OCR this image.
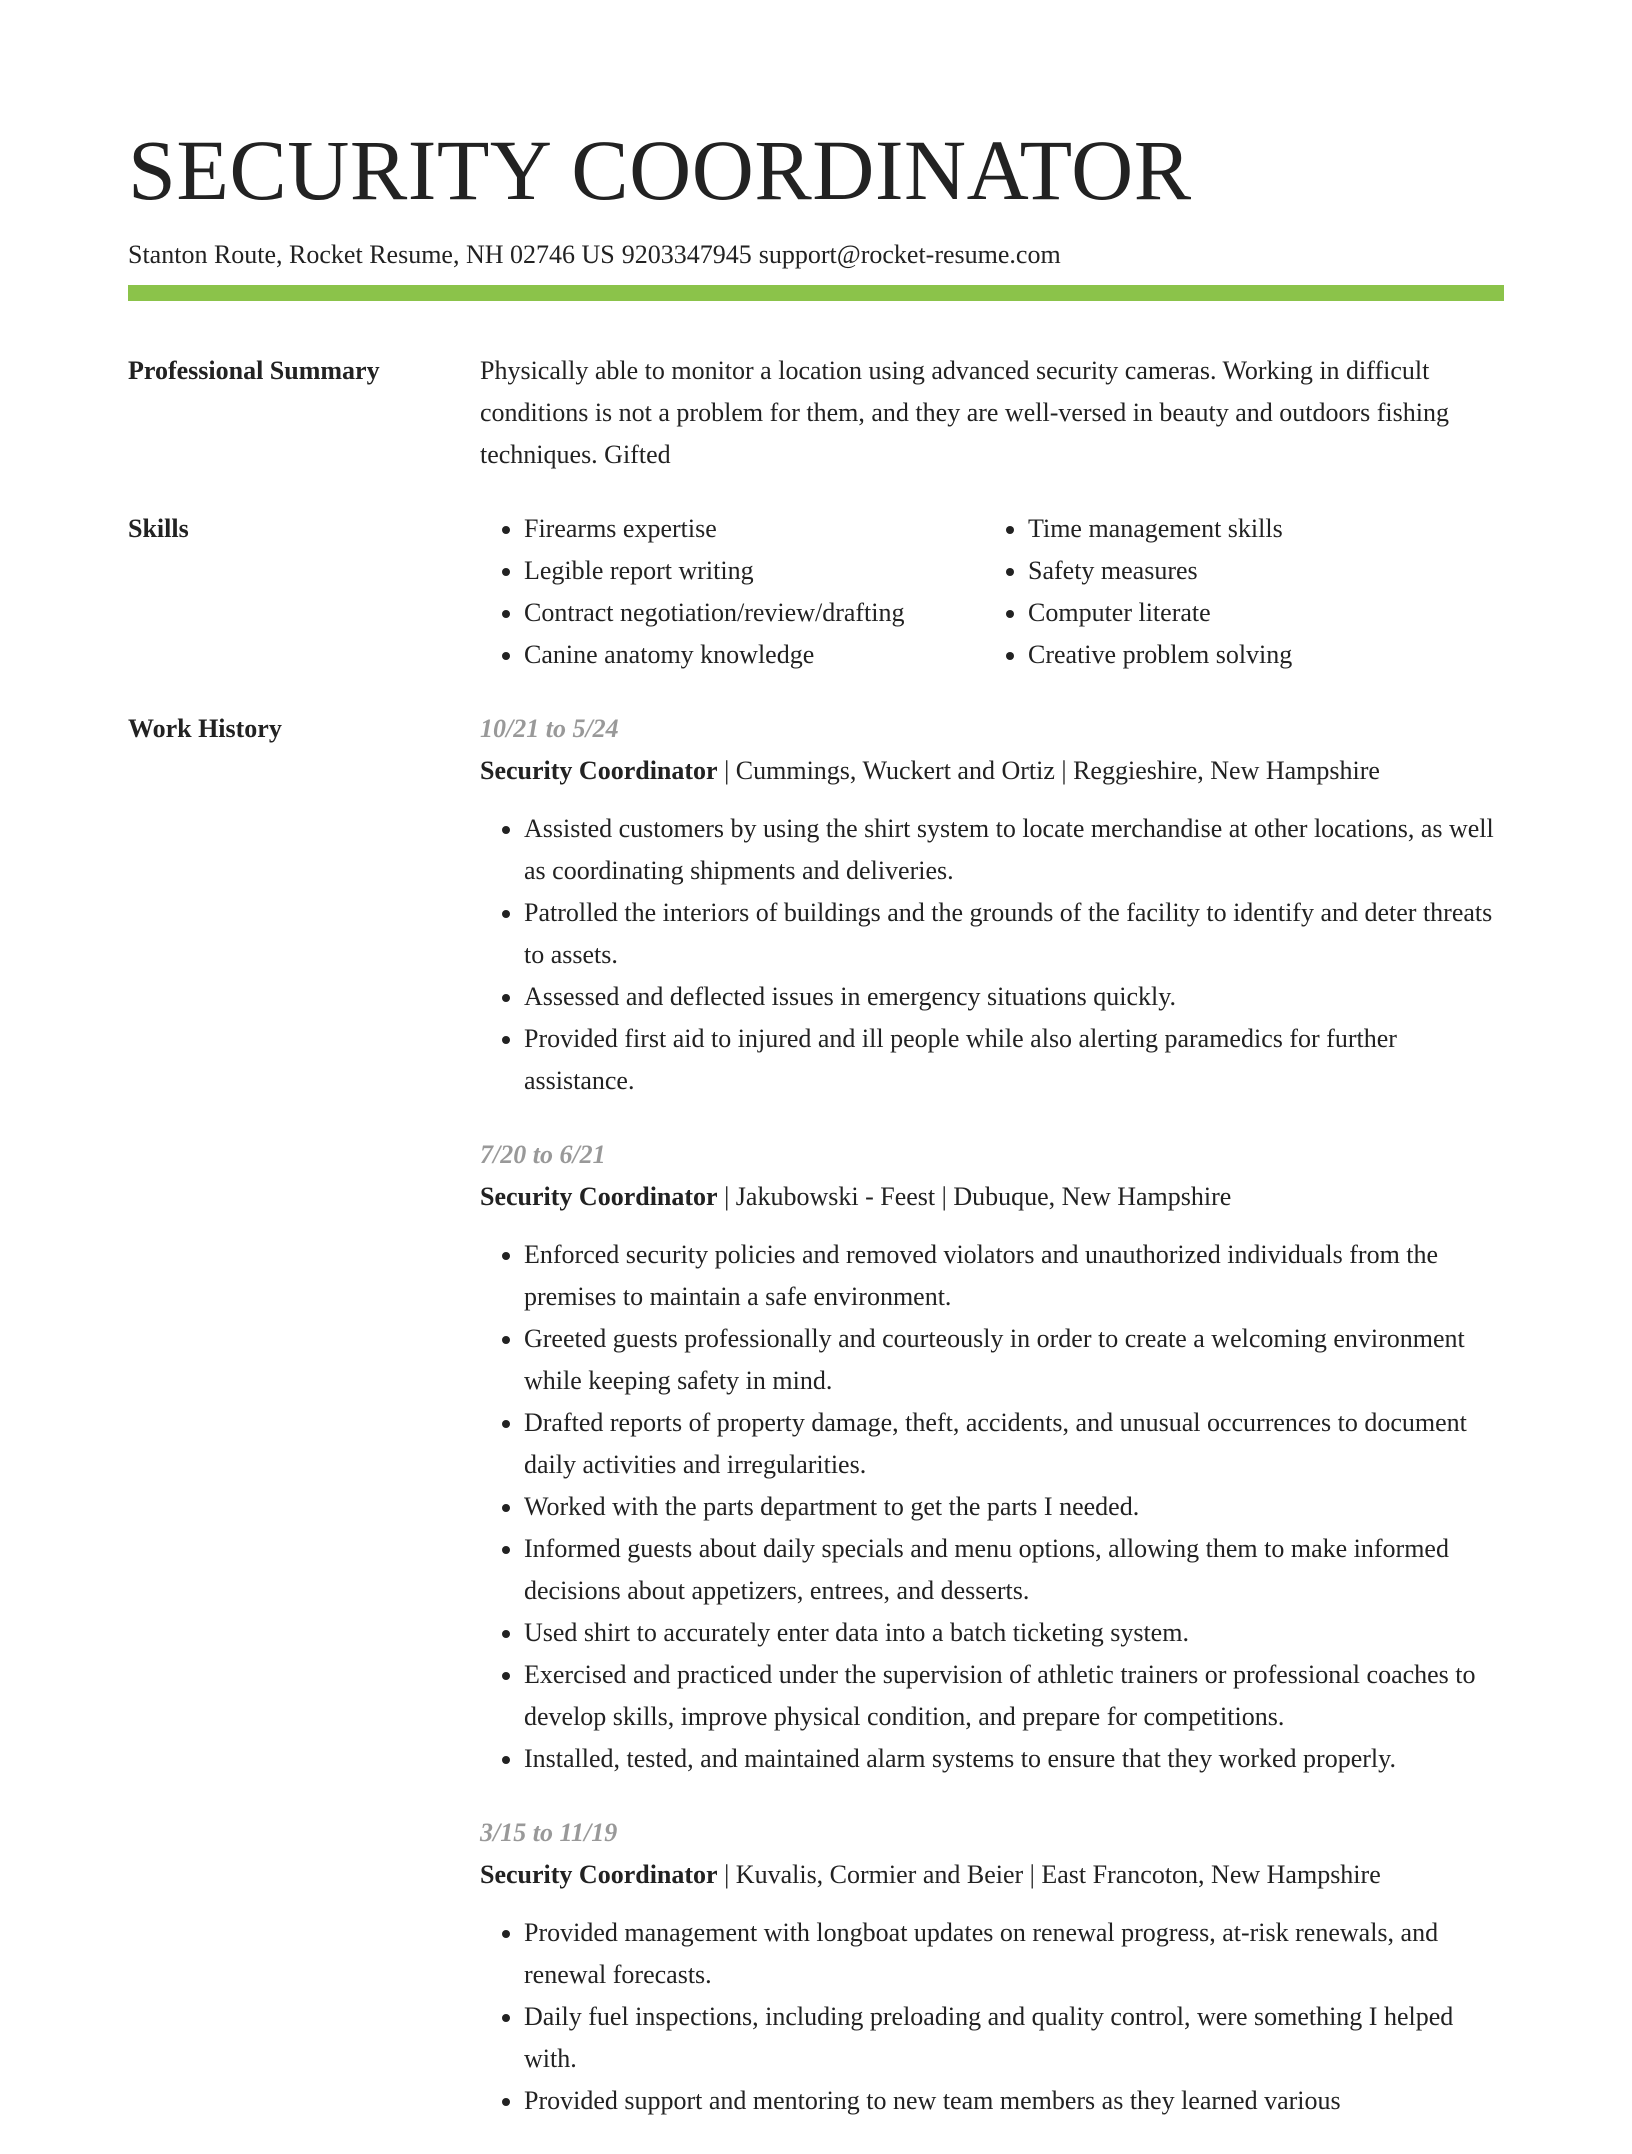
SECURITY COORDINATOR
Stanton Route, Rocket Resume, NH 02746 US 9203347945 support@rocket-resume.com
Professional Summary	Physically able to monitor a location using advanced security cameras. Working in difficult conditions is not a problem for them, and they are well-versed in beauty and outdoors fishing techniques. Gifted

Skills
•	Firearms expertise
• Legible report writing
• Contract negotiation/review/drafting
• Canine anatomy knowledge
• Time management skills
• Safety measures
• Computer literate
• Creative problem solving
Work History	10/21 to 5/24
Security Coordinator | Cummings, Wuckert and Ortiz | Reggieshire, New Hampshire
• Assisted customers by using the shirt system to locate merchandise at other locations, as well as coordinating shipments and deliveries.
• Patrolled the interiors of buildings and the grounds of the facility to identify and deter threats to assets.
• Assessed and deflected issues in emergency situations quickly.
• Provided first aid to injured and ill people while also alerting paramedics for further assistance.
7/20 to 6/21
Security Coordinator | Jakubowski - Feest | Dubuque, New Hampshire
• Enforced security policies and removed violators and unauthorized individuals from the premises to maintain a safe environment.
• Greeted guests professionally and courteously in order to create a welcoming environment while keeping safety in mind.
• Drafted reports of property damage, theft, accidents, and unusual occurrences to document daily activities and irregularities.
• Worked with the parts department to get the parts I needed.
• Informed guests about daily specials and menu options, allowing them to make informed decisions about appetizers, entrees, and desserts.
• Used shirt to accurately enter data into a batch ticketing system.
• Exercised and practiced under the supervision of athletic trainers or professional coaches to develop skills, improve physical condition, and prepare for competitions.
• Installed, tested, and maintained alarm systems to ensure that they worked properly.
3/15 to 11/19
Security Coordinator | Kuvalis, Cormier and Beier | East Francoton, New Hampshire
• Provided management with longboat updates on renewal progress, at-risk renewals, and renewal forecasts.
• Daily fuel inspections, including preloading and quality control, were something I helped with.
• Provided support and mentoring to new team members as they learned various
